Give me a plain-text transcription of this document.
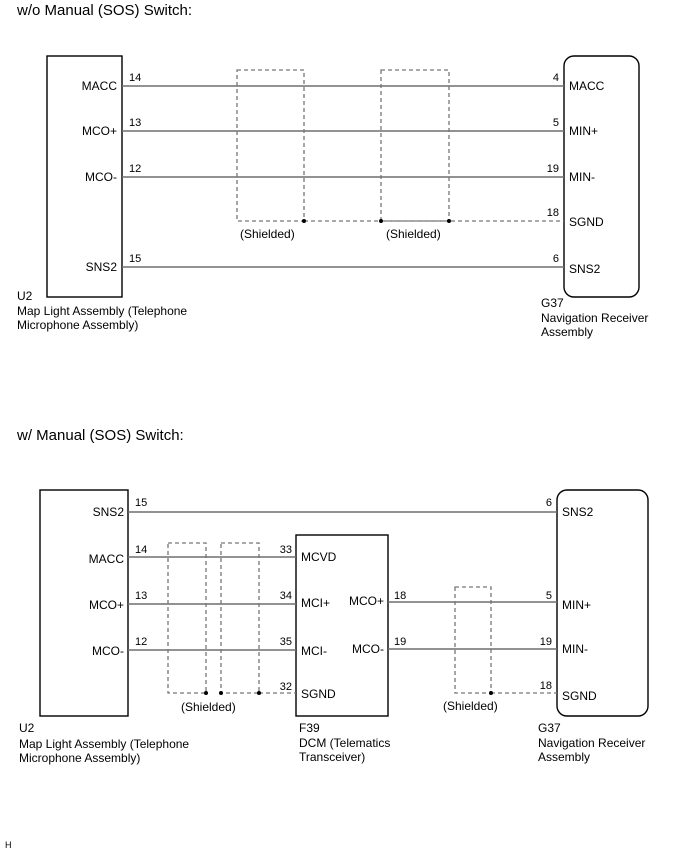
w/o Manual (SOS) Switch:
MACC
MCO+
MCO-
SNS2
U2
Map Light Assembly (Telephone
Microphone Assembly)
MACC
MIN+
MIN-
SGND
SNS2
G37
Navigation Receiver
Assembly
(Shielded)	(Shielded)
14
13
12
15
4
5
19
18
6
w/ Manual (SOS) Switch:
SNS2
MACC
MCO+
MCO-
U2
Map Light Assembly (Telephone
Microphone Assembly)
MCVD
MCI+
MCI-
SGND
MCO+
MCO-
F39
DCM (Telematics
Transceiver)
SNS2
MIN+
MIN-
SGND
G37
Navigation Receiver
Assembly
(Shielded)	(Shielded)
15
14
13
12
33
34
35
32
18
19
6
5
19
18
H
